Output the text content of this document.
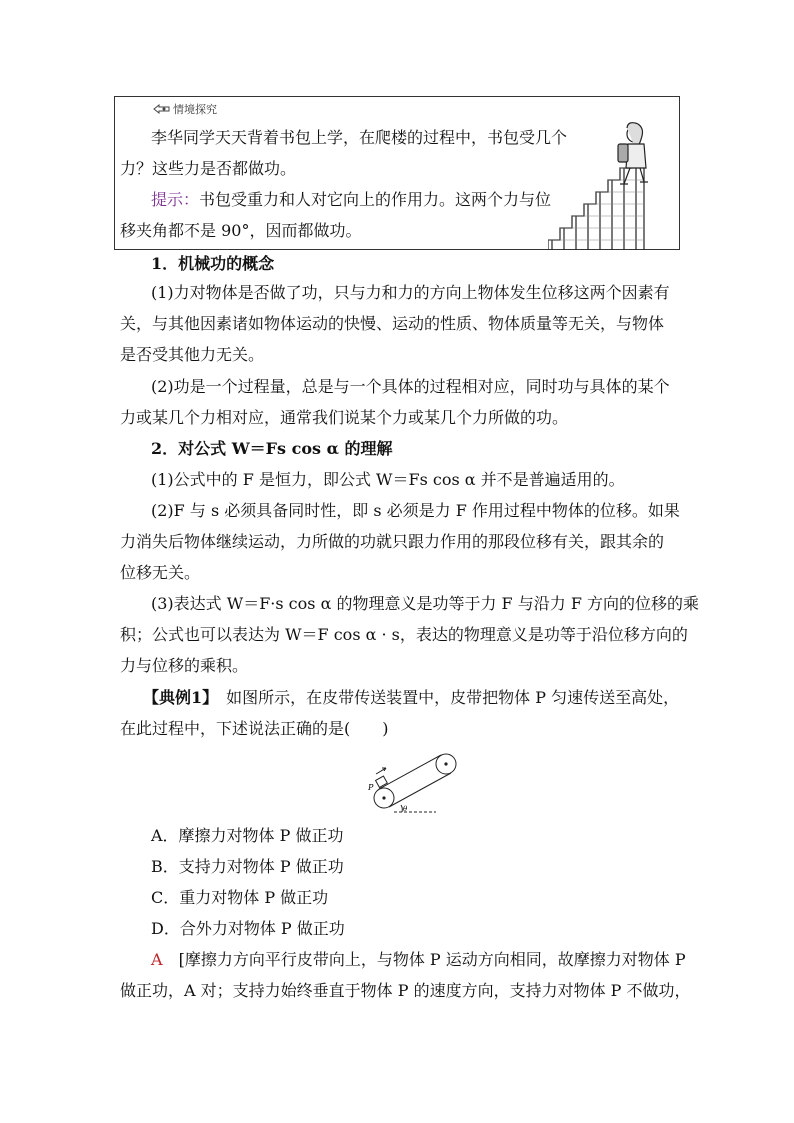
情境探究
李华同学天天背着书包上学，在爬楼的过程中，书包受几个
力？这些力是否都做功。
提示：书包受重力和人对它向上的作用力。这两个力与位
移夹角都不是 90°，因而都做功。
1．机械功的概念
(1)力对物体是否做了功，只与力和力的方向上物体发生位移这两个因素有
关，与其他因素诸如物体运动的快慢、运动的性质、物体质量等无关，与物体
是否受其他力无关。
(2)功是一个过程量，总是与一个具体的过程相对应，同时功与具体的某个
力或某几个力相对应，通常我们说某个力或某几个力所做的功。
2．对公式 W＝Fs cos α 的理解
(1)公式中的 F 是恒力，即公式 W＝Fs cos α 并不是普遍适用的。
(2)F 与 s 必须具备同时性，即 s 必须是力 F 作用过程中物体的位移。如果
力消失后物体继续运动，力所做的功就只跟力作用的那段位移有关，跟其余的
位移无关。
(3)表达式 W＝F·s cos α 的物理意义是功等于力 F 与沿力 F 方向的位移的乘
积；公式也可以表达为 W＝F cos α · s，表达的物理意义是功等于沿位移方向的
力与位移的乘积。
【典例1】　 如图所示，在皮带传送装置中，皮带把物体 P 匀速传送至高处，
在此过程中，下述说法正确的是(　　)
P
θ
A．摩擦力对物体 P 做正功
B．支持力对物体 P 做正功
C．重力对物体 P 做正功
D．合外力对物体 P 做正功
A　 [摩擦力方向平行皮带向上，与物体 P 运动方向相同，故摩擦力对物体 P
做正功，A 对；支持力始终垂直于物体 P 的速度方向，支持力对物体 P 不做功，
